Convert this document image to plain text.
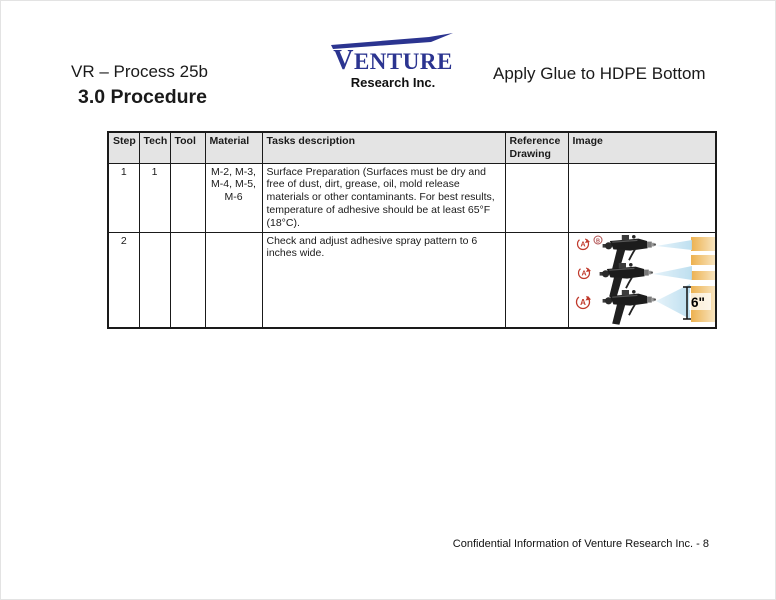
VR – Process 25b	VENTURE
Research Inc.	Apply Glue to HDPE Bottom
3.0 Procedure
Step	Tech	Tool	Material	Tasks description	Reference Drawing	Image
1	1		M-2, M-3, M-4, M-5, M-6	Surface Preparation (Surfaces must be dry and free of dust, dirt, grease, oil, mold release materials or other contaminants. For best results, temperature of adhesive should be at least 65°F (18°C).		
2				Check and adjust adhesive spray pattern to 6 inches wide.		A B
A
A 6"
Confidential Information of Venture Research Inc. - 8
